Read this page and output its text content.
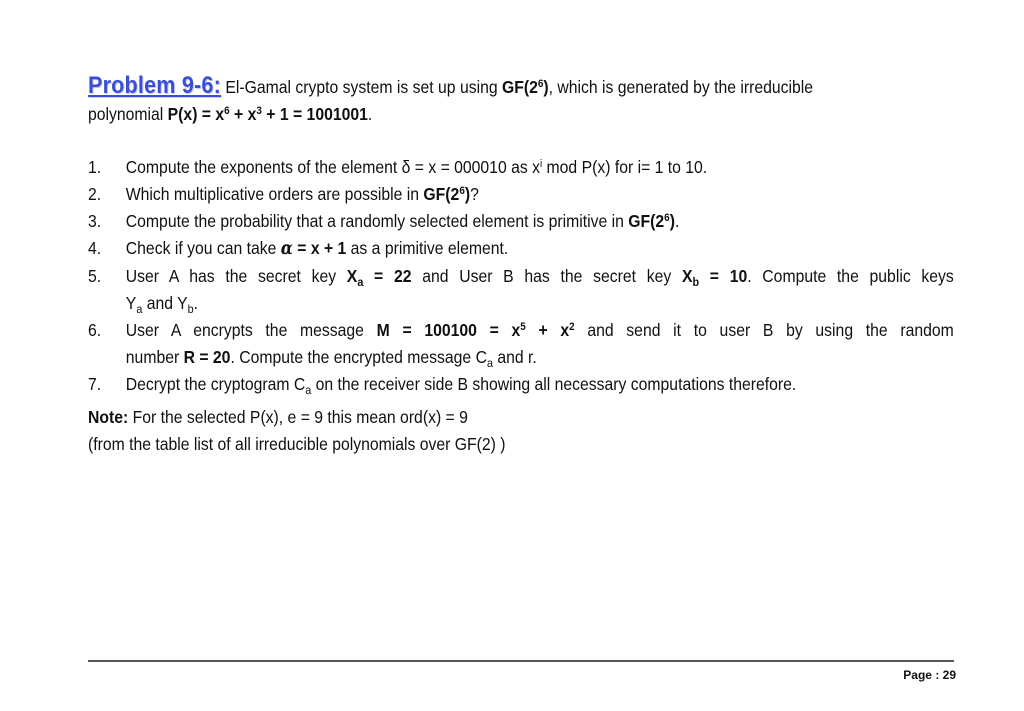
Problem 9-6: El-Gamal crypto system is set up using $GF(2^6)$, which is generated by the irreducible
polynomial $P(x) = x^6 + x^3 + 1 = 1001001$.
1. Compute the exponents of the element δ = x = 000010 as $x^i$ mod P(x) for i= 1 to 10.
2. Which multiplicative orders are possible in $GF(2^6)$?
3. Compute the probability that a randomly selected element is primitive in $GF(2^6)$.
4. Check if you can take α = x + 1 as a primitive element.
5. User A has the secret key $X_a = 22$ and User B has the secret key $X_b = 10$. Compute the public keys
$Y_a$ and $Y_b$.
6. User A encrypts the message $M = 100100 = x^5 + x^2$ and send it to user B by using the random
number R = 20. Compute the encrypted message $C_a$ and r.
7. Decrypt the cryptogram $C_a$ on the receiver side B showing all necessary computations therefore.
Note: For the selected P(x), e = 9 this mean ord(x) = 9
(from the table list of all irreducible polynomials over GF(2) )
Page : 29
